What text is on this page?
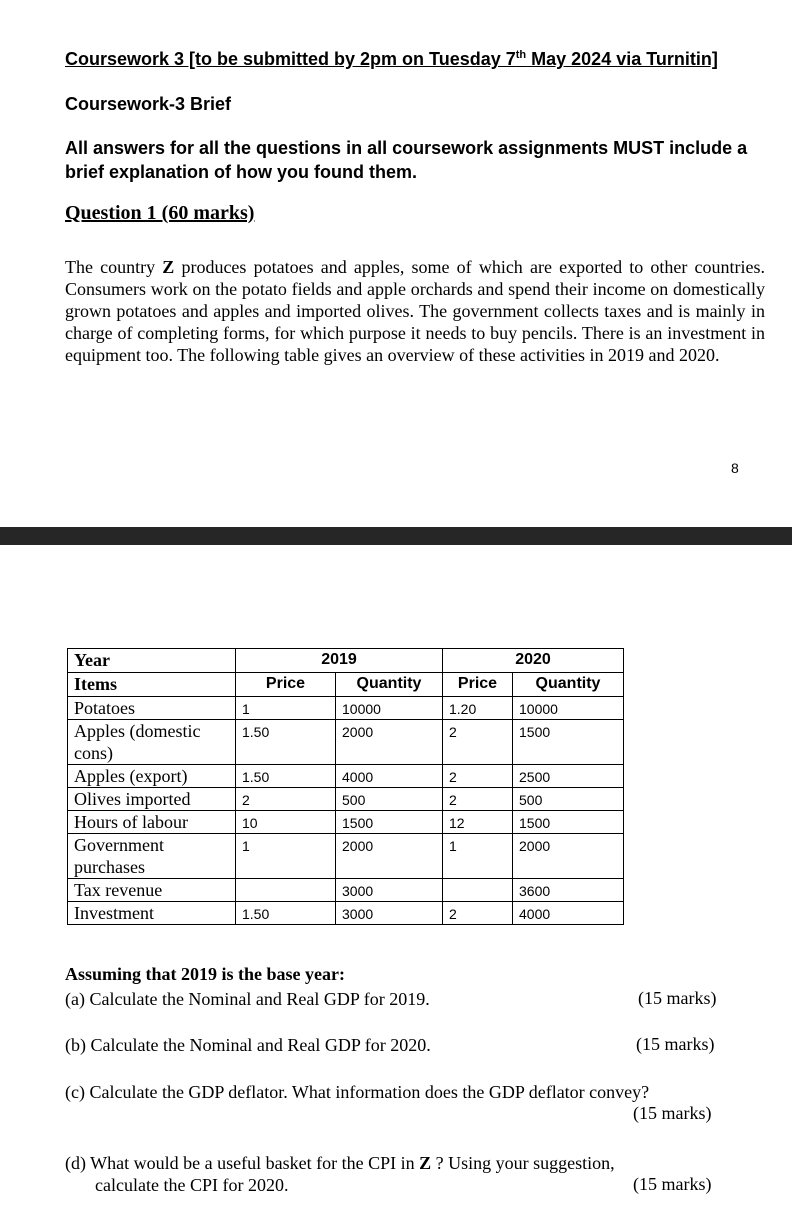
Coursework 3 [to be submitted by 2pm on Tuesday 7th May 2024 via Turnitin]
Coursework-3 Brief
All answers for all the questions in all coursework assignments MUST include a brief explanation of how you found them.
Question 1 (60 marks)
The country Z produces potatoes and apples, some of which are exported to other countries. Consumers work on the potato fields and apple orchards and spend their income on domestically grown potatoes and apples and imported olives. The government collects taxes and is mainly in charge of completing forms, for which purpose it needs to buy pencils. There is an investment in equipment too. The following table gives an overview of these activities in 2019 and 2020.
8
Year	2019		2020	
Items	Price	Quantity	Price	Quantity
Potatoes	1	10000	1.20	10000
Apples (domestic cons)	1.50	2000	2	1500
Apples (export)	1.50	4000	2	2500
Olives imported	2	500	2	500
Hours of labour	10	1500	12	1500
Government purchases	1	2000	1	2000
Tax revenue		3000		3600
Investment	1.50	3000	2	4000
Assuming that 2019 is the base year:
(a) Calculate the Nominal and Real GDP for 2019.	(15 marks)
(b) Calculate the Nominal and Real GDP for 2020.	(15 marks)
(c) Calculate the GDP deflator. What information does the GDP deflator convey?
(15 marks)
(d) What would be a useful basket for the CPI in Z ? Using your suggestion,
calculate the CPI for 2020.	(15 marks)
